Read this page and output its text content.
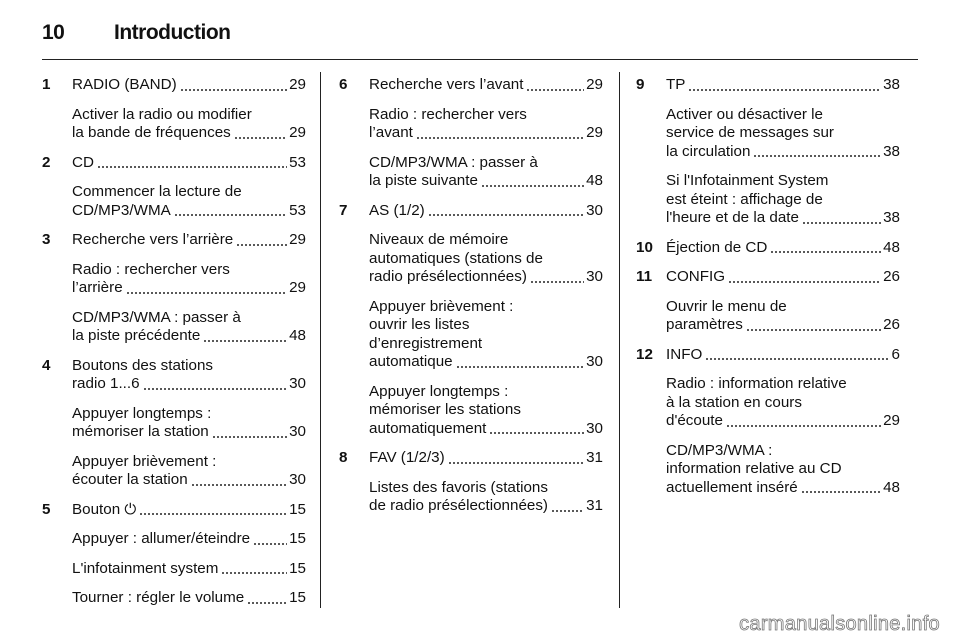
10	Introduction
1 RADIO (BAND)	29
Activer la radio ou modifier
la bande de fréquences	29
2 CD	53
Commencer la lecture de
CD/MP3/WMA	53
3 Recherche vers l’arrière	29
Radio : rechercher vers
l’arrière	29
CD/MP3/WMA : passer à
la piste précédente	48
4 Boutons des stations
radio 1...6	30
Appuyer longtemps :
mémoriser la station	30
Appuyer brièvement :
écouter la station	30
5 Bouton ⏻	15
Appuyer : allumer/éteindre	15
L'infotainment system	15
Tourner : régler le volume	15
6 Recherche vers l’avant	29
Radio : rechercher vers
l’avant	29
CD/MP3/WMA : passer à
la piste suivante	48
7 AS (1/2)	30
Niveaux de mémoire
automatiques (stations de
radio présélectionnées)	30
Appuyer brièvement :
ouvrir les listes
d’enregistrement
automatique	30
Appuyer longtemps :
mémoriser les stations
automatiquement	30
8 FAV (1/2/3)	31
Listes des favoris (stations
de radio présélectionnées)	31
9 TP	38
Activer ou désactiver le
service de messages sur
la circulation	38
Si l'Infotainment System
est éteint : affichage de
l'heure et de la date	38
10 Éjection de CD	48
11 CONFIG	26
Ouvrir le menu de
paramètres	26
12 INFO	6
Radio : information relative
à la station en cours
d'écoute	29
CD/MP3/WMA :
information relative au CD
actuellement inséré	48
carmanualsonline.info
